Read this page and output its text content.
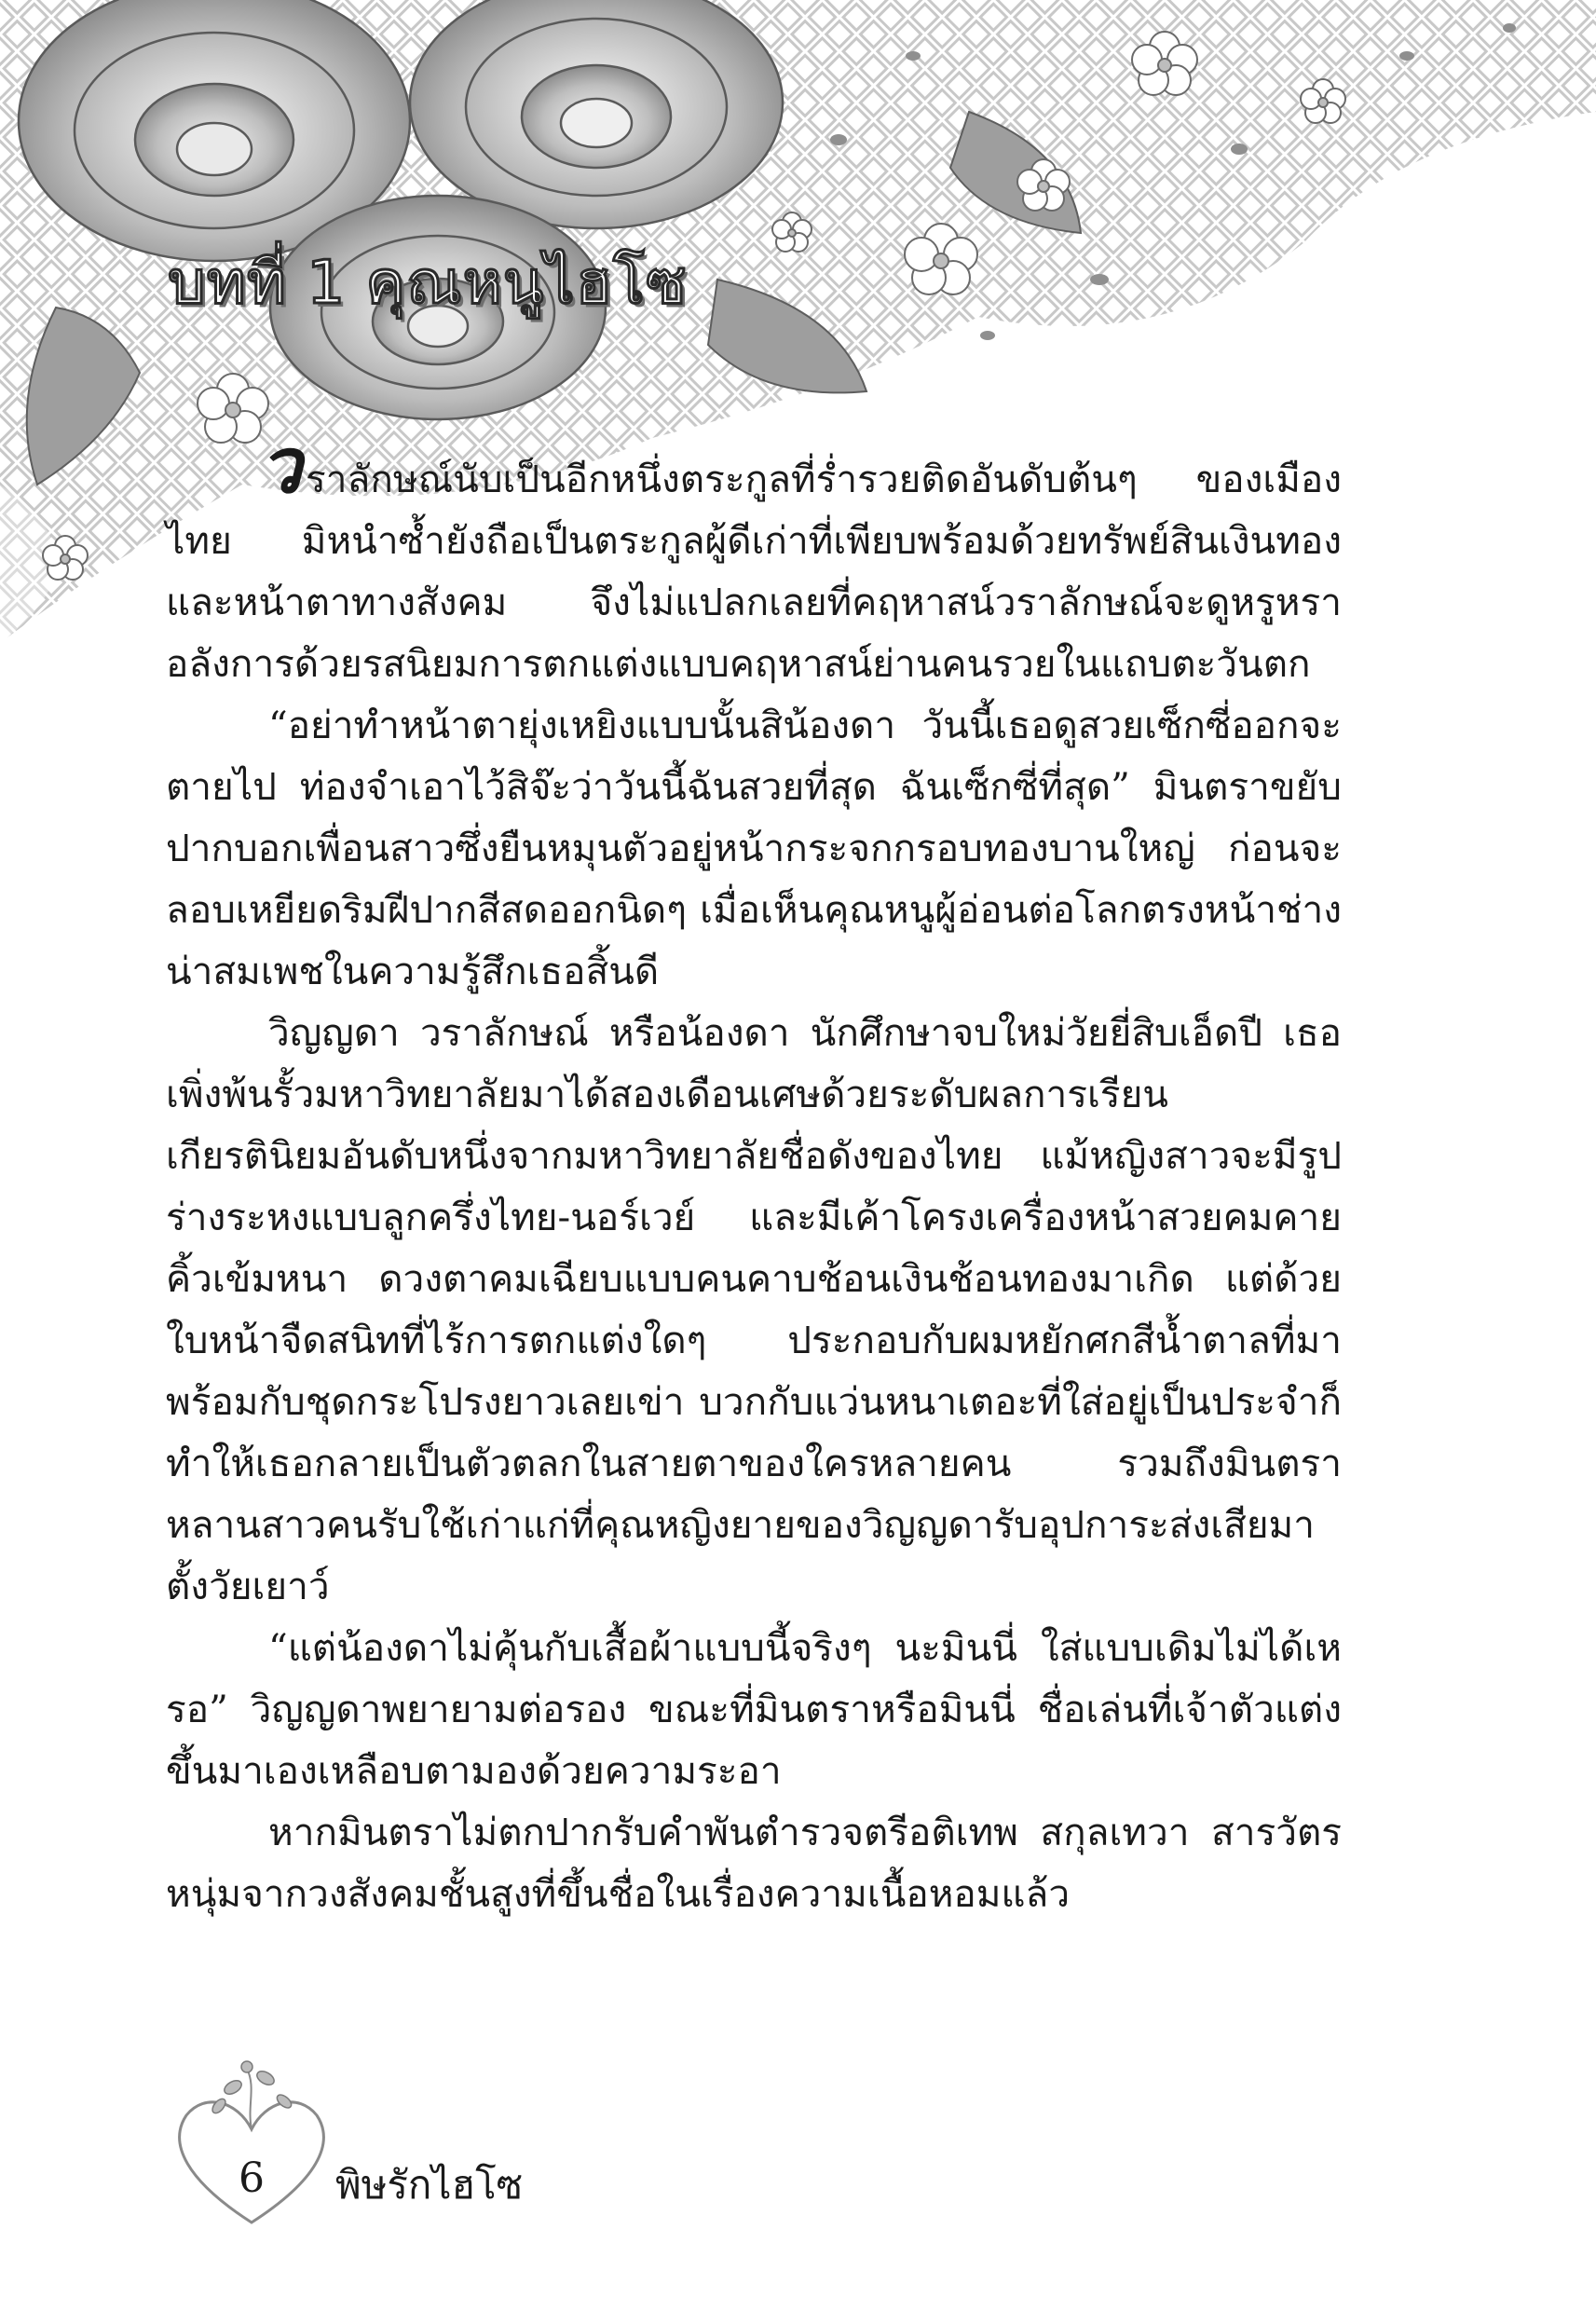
บทที่ 1 คุณหนูไฮโซ

วราลักษณ์นับเป็นอีกหนึ่งตระกูลที่ร่ำรวยติดอันดับต้นๆ ของเมืองไทย มิหนำซ้ำยังถือเป็นตระกูลผู้ดีเก่าที่เพียบพร้อมด้วยทรัพย์สินเงินทองและหน้าตาทางสังคม จึงไม่แปลกเลยที่คฤหาสน์วราลักษณ์จะดูหรูหราอลังการด้วยรสนิยมการตกแต่งแบบคฤหาสน์ย่านคนรวยในแถบตะวันตก

“อย่าทำหน้าตายุ่งเหยิงแบบนั้นสิน้องดา วันนี้เธอดูสวยเซ็กซี่ออกจะตายไป ท่องจำเอาไว้สิจ๊ะว่าวันนี้ฉันสวยที่สุด ฉันเซ็กซี่ที่สุด” มินตราขยับปากบอกเพื่อนสาวซึ่งยืนหมุนตัวอยู่หน้ากระจกกรอบทองบานใหญ่ ก่อนจะลอบเหยียดริมฝีปากสีสดออกนิดๆ เมื่อเห็นคุณหนูผู้อ่อนต่อโลกตรงหน้าช่างน่าสมเพชในความรู้สึกเธอสิ้นดี

วิญญดา วราลักษณ์ หรือน้องดา นักศึกษาจบใหม่วัยยี่สิบเอ็ดปี เธอเพิ่งพ้นรั้วมหาวิทยาลัยมาได้สองเดือนเศษด้วยระดับผลการเรียนเกียรตินิยมอันดับหนึ่งจากมหาวิทยาลัยชื่อดังของไทย แม้หญิงสาวจะมีรูปร่างระหงแบบลูกครึ่งไทย-นอร์เวย์ และมีเค้าโครงเครื่องหน้าสวยคมคาย คิ้วเข้มหนา ดวงตาคมเฉียบแบบคนคาบช้อนเงินช้อนทองมาเกิด แต่ด้วยใบหน้าจืดสนิทที่ไร้การตกแต่งใดๆ ประกอบกับผมหยักศกสีน้ำตาลที่มาพร้อมกับชุดกระโปรงยาวเลยเข่า บวกกับแว่นหนาเตอะที่ใส่อยู่เป็นประจำก็ทำให้เธอกลายเป็นตัวตลกในสายตาของใครหลายคน รวมถึงมินตรา หลานสาวคนรับใช้เก่าแก่ที่คุณหญิงยายของวิญญดารับอุปการะส่งเสียมาตั้งวัยเยาว์

“แต่น้องดาไม่คุ้นกับเสื้อผ้าแบบนี้จริงๆ นะมินนี่ ใส่แบบเดิมไม่ได้เหรอ” วิญญดาพยายามต่อรอง ขณะที่มินตราหรือมินนี่ ชื่อเล่นที่เจ้าตัวแต่งขึ้นมาเองเหลือบตามองด้วยความระอา

หากมินตราไม่ตกปากรับคำพันตำรวจตรีอติเทพ สกุลเทวา สารวัตรหนุ่มจากวงสังคมชั้นสูงที่ขึ้นชื่อในเรื่องความเนื้อหอมแล้ว

6	พิษรักไฮโซ
